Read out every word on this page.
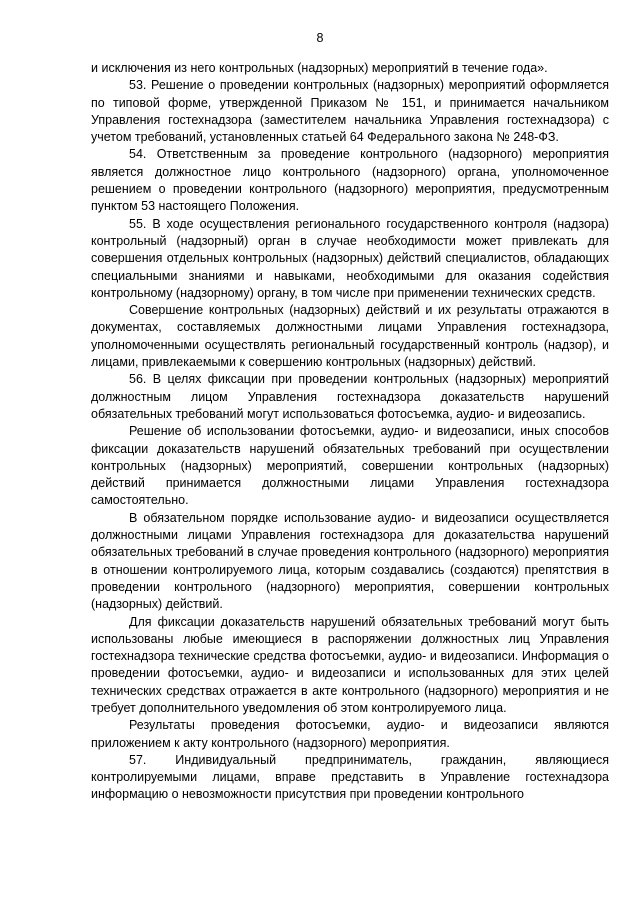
8

и исключения из него контрольных (надзорных) мероприятий в течение года».

53. Решение о проведении контрольных (надзорных) мероприятий оформляется по типовой форме, утвержденной Приказом № 151, и принимается начальником Управления гостехнадзора (заместителем начальника Управления гостехнадзора) с учетом требований, установленных статьей 64 Федерального закона № 248-ФЗ.

54. Ответственным за проведение контрольного (надзорного) мероприятия является должностное лицо контрольного (надзорного) органа, уполномоченное решением о проведении контрольного (надзорного) мероприятия, предусмотренным пунктом 53 настоящего Положения.

55. В ходе осуществления регионального государственного контроля (надзора) контрольный (надзорный) орган в случае необходимости может привлекать для совершения отдельных контрольных (надзорных) действий специалистов, обладающих специальными знаниями и навыками, необходимыми для оказания содействия контрольному (надзорному) органу, в том числе при применении технических средств.

Совершение контрольных (надзорных) действий и их результаты отражаются в документах, составляемых должностными лицами Управления гостехнадзора, уполномоченными осуществлять региональный государственный контроль (надзор), и лицами, привлекаемыми к совершению контрольных (надзорных) действий.

56. В целях фиксации при проведении контрольных (надзорных) мероприятий должностным лицом Управления гостехнадзора доказательств нарушений обязательных требований могут использоваться фотосъемка, аудио- и видеозапись.

Решение об использовании фотосъемки, аудио- и видеозаписи, иных способов фиксации доказательств нарушений обязательных требований при осуществлении контрольных (надзорных) мероприятий, совершении контрольных (надзорных) действий принимается должностными лицами Управления гостехнадзора самостоятельно.

В обязательном порядке использование аудио- и видеозаписи осуществляется должностными лицами Управления гостехнадзора для доказательства нарушений обязательных требований в случае проведения контрольного (надзорного) мероприятия в отношении контролируемого лица, которым создавались (создаются) препятствия в проведении контрольного (надзорного) мероприятия, совершении контрольных (надзорных) действий.

Для фиксации доказательств нарушений обязательных требований могут быть использованы любые имеющиеся в распоряжении должностных лиц Управления гостехнадзора технические средства фотосъемки, аудио- и видеозаписи. Информация о проведении фотосъемки, аудио- и видеозаписи и использованных для этих целей технических средствах отражается в акте контрольного (надзорного) мероприятия и не требует дополнительного уведомления об этом контролируемого лица.

Результаты проведения фотосъемки, аудио- и видеозаписи являются приложением к акту контрольного (надзорного) мероприятия.

57. Индивидуальный предприниматель, гражданин, являющиеся контролируемыми лицами, вправе представить в Управление гостехнадзора информацию о невозможности присутствия при проведении контрольного
